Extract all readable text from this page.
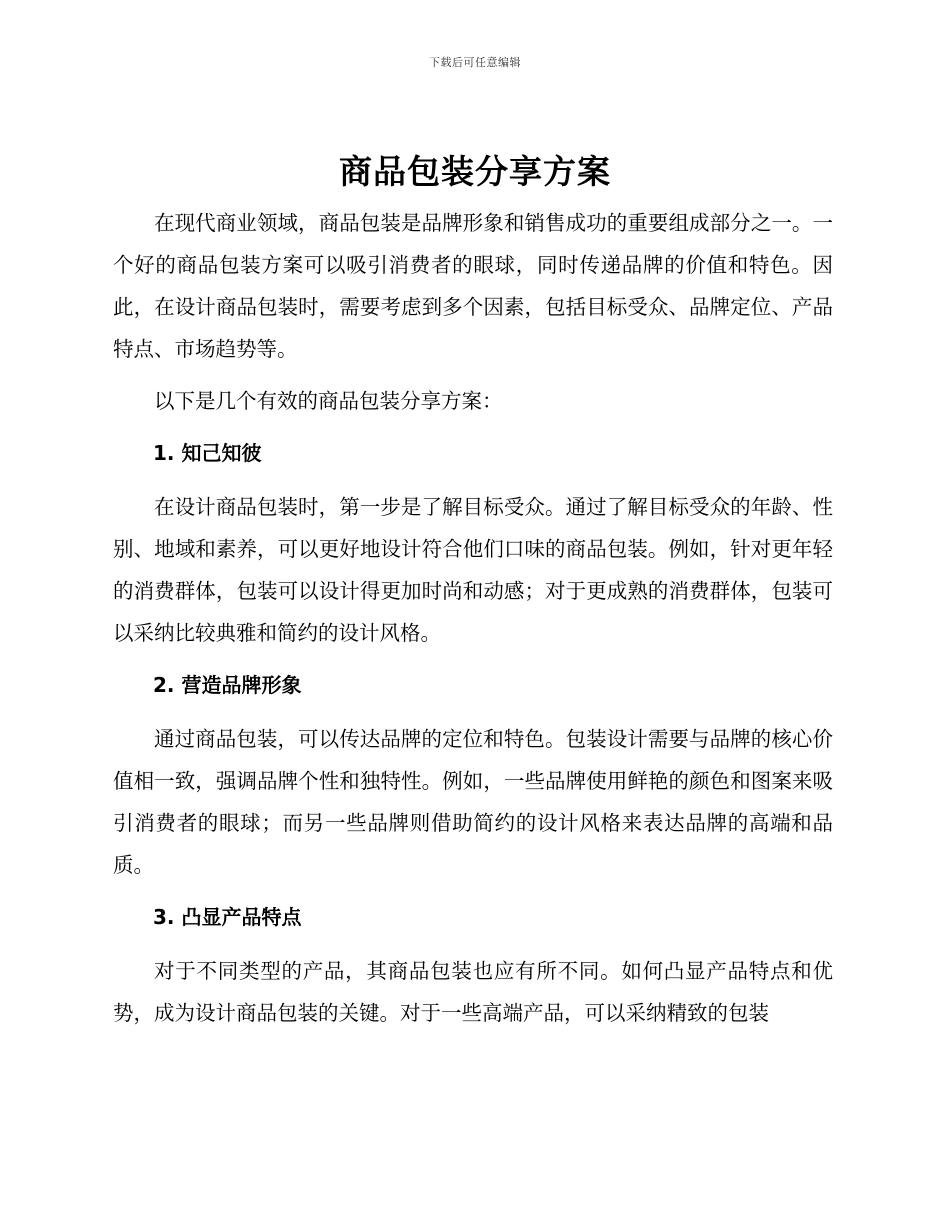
下载后可任意编辑
商品包装分享方案

在现代商业领域，商品包装是品牌形象和销售成功的重要组成部分之一。一个好的商品包装方案可以吸引消费者的眼球，同时传递品牌的价值和特色。因此，在设计商品包装时，需要考虑到多个因素，包括目标受众、品牌定位、产品特点、市场趋势等。

以下是几个有效的商品包装分享方案：

1. 知己知彼

在设计商品包装时，第一步是了解目标受众。通过了解目标受众的年龄、性别、地域和素养，可以更好地设计符合他们口味的商品包装。例如，针对更年轻的消费群体，包装可以设计得更加时尚和动感；对于更成熟的消费群体，包装可以采纳比较典雅和简约的设计风格。

2. 营造品牌形象

通过商品包装，可以传达品牌的定位和特色。包装设计需要与品牌的核心价值相一致，强调品牌个性和独特性。例如，一些品牌使用鲜艳的颜色和图案来吸引消费者的眼球；而另一些品牌则借助简约的设计风格来表达品牌的高端和品质。

3. 凸显产品特点

对于不同类型的产品，其商品包装也应有所不同。如何凸显产品特点和优势，成为设计商品包装的关键。对于一些高端产品，可以采纳精致的包装
